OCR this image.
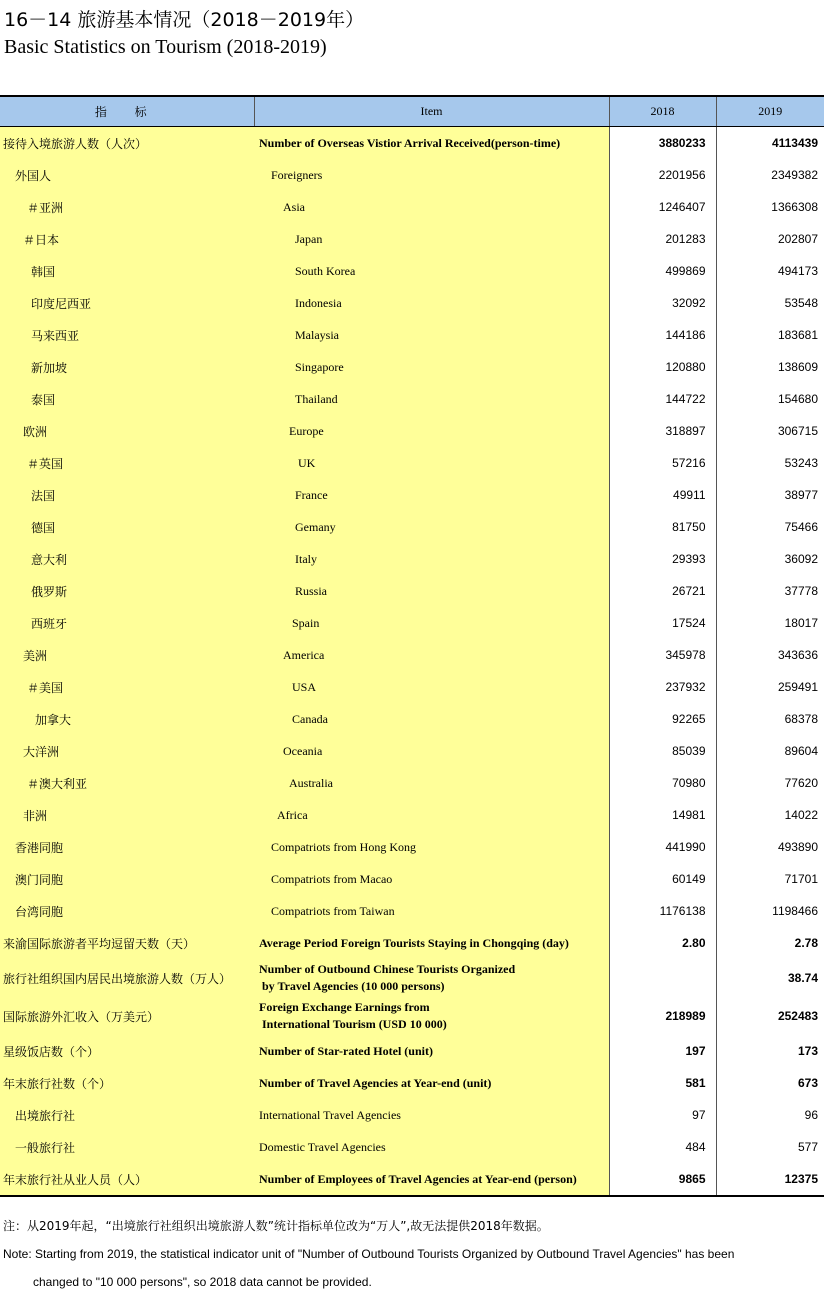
16－14 旅游基本情况（2018－2019年）
Basic Statistics on Tourism (2018-2019)
指 标	Item	2018	2019
接待入境旅游人数（人次）	Number of Overseas Vistior Arrival Received(person-time)	3880233	4113439
外国人	Foreigners	2201956	2349382
＃亚洲	Asia	1246407	1366308
＃日本	Japan	201283	202807
韩国	South Korea	499869	494173
印度尼西亚	Indonesia	32092	53548
马来西亚	Malaysia	144186	183681
新加坡	Singapore	120880	138609
泰国	Thailand	144722	154680
欧洲	Europe	318897	306715
＃英国	UK	57216	53243
法国	France	49911	38977
德国	Gemany	81750	75466
意大利	Italy	29393	36092
俄罗斯	Russia	26721	37778
西班牙	Spain	17524	18017
美洲	America	345978	343636
＃美国	USA	237932	259491
加拿大	Canada	92265	68378
大洋洲	Oceania	85039	89604
＃澳大利亚	Australia	70980	77620
非洲	Africa	14981	14022
香港同胞	Compatriots from Hong Kong	441990	493890
澳门同胞	Compatriots from Macao	60149	71701
台湾同胞	Compatriots from Taiwan	1176138	1198466
来渝国际旅游者平均逗留天数（天）	Average Period Foreign Tourists Staying in Chongqing (day)	2.80	2.78
旅行社组织国内居民出境旅游人数（万人）	Number of Outbound Chinese Tourists Organized
by Travel Agencies (10 000 persons)		38.74
国际旅游外汇收入（万美元）	Foreign Exchange Earnings from
International Tourism (USD 10 000)	218989	252483
星级饭店数（个）	Number of Star-rated Hotel (unit)	197	173
年末旅行社数（个）	Number of Travel Agencies at Year-end (unit)	581	673
出境旅行社	International Travel Agencies	97	96
一般旅行社	Domestic Travel Agencies	484	577
年末旅行社从业人员（人）	Number of Employees of Travel Agencies at Year-end (person)	9865	12375
注：从2019年起，“出境旅行社组织出境旅游人数”统计指标单位改为“万人”,故无法提供2018年数据。
Note: Starting from 2019, the statistical indicator unit of "Number of Outbound Tourists Organized by Outbound Travel Agencies" has been
changed to "10 000 persons", so 2018 data cannot be provided.
